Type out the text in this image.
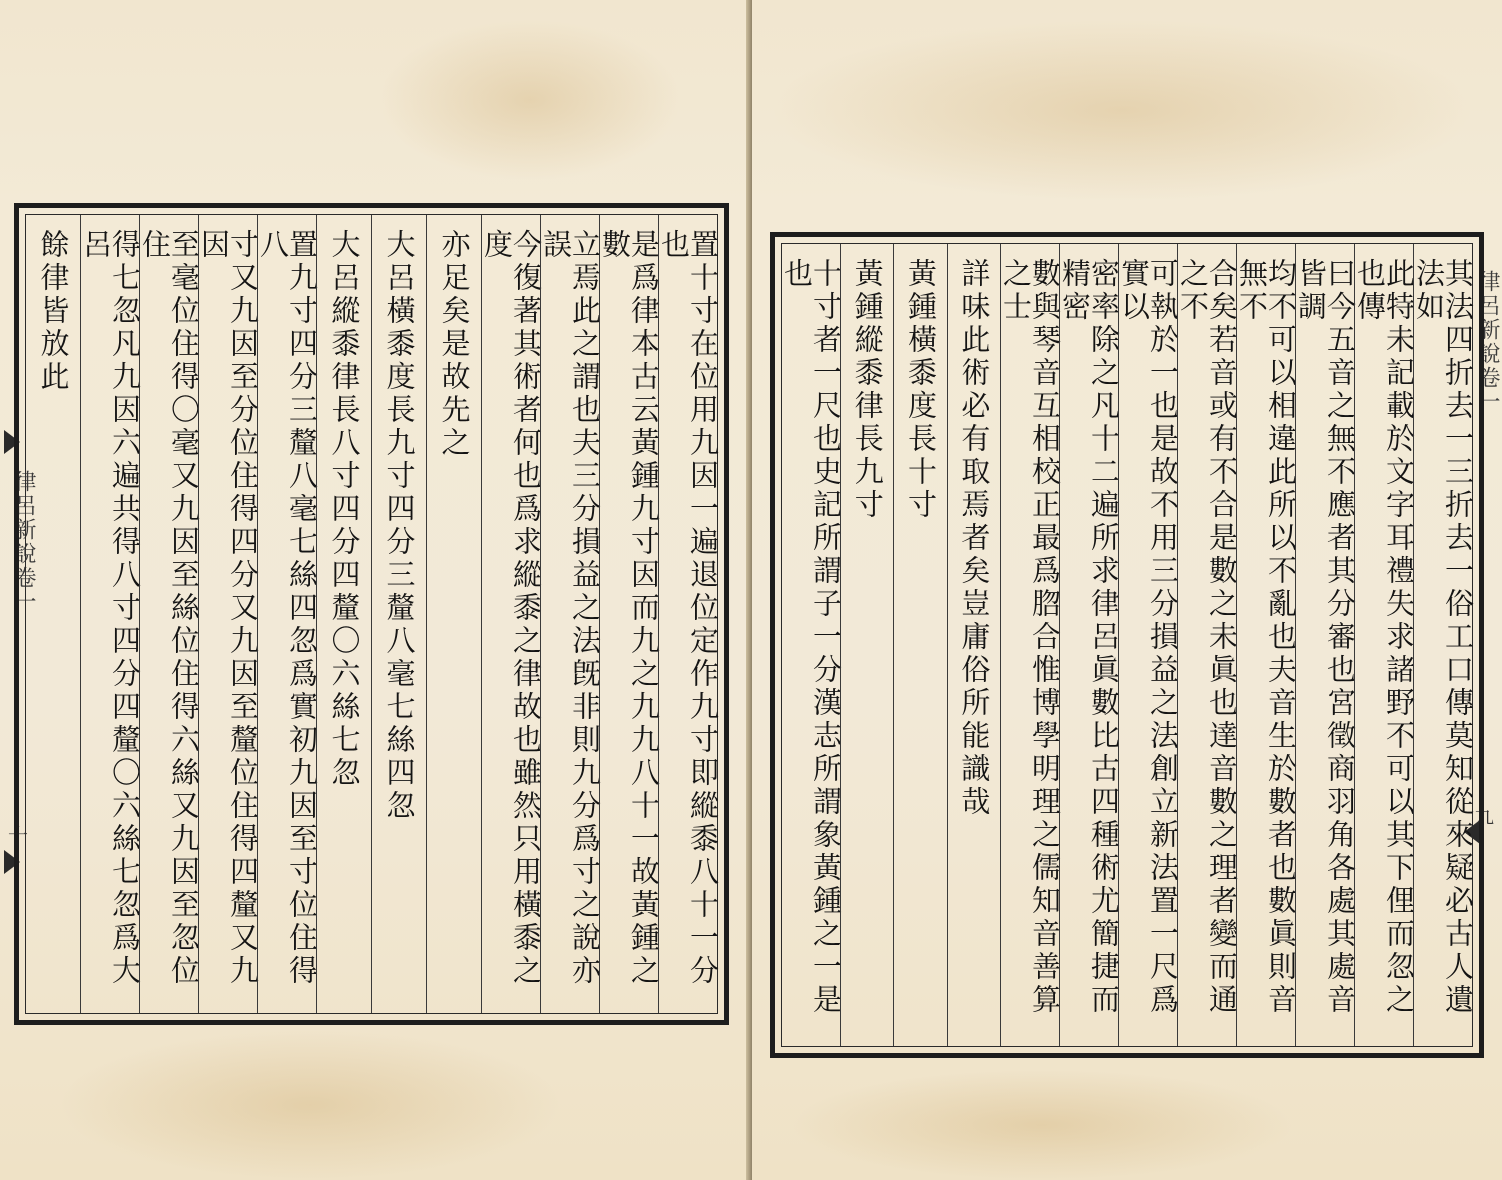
律呂新說卷一
十	置十寸在位用九因一遍退位定作九寸即縱黍八十一分也
是爲律本古云黃鍾九寸因而九之九九八十一故黃鍾之數
立焉此之謂也夫三分損益之法旣非則九分爲寸之說亦誤
今復著其術者何也爲求縱黍之律故也雖然只用橫黍之度
亦足矣是故先之
大呂橫黍度長九寸四分三釐八毫七絲四忽
大呂縱黍律長八寸四分四釐〇六絲七忽
置九寸四分三釐八毫七絲四忽爲實初九因至寸位住得八
寸又九因至分位住得四分又九因至釐位住得四釐又九因
至毫位住得〇毫又九因至絲位住得六絲又九因至忽位住
得七忽凡九因六遍共得八寸四分四釐〇六絲七忽爲大呂
餘律皆放此	律呂新說卷一
九
其法四折去一三折去一俗工口傳莫知從來疑必古人遺法如
此特未記載於文字耳禮失求諸野不可以其下俚而忽之也傳
曰今五音之無不應者其分審也宮徵商羽角各處其處音皆調
均不可以相違此所以不亂也夫音生於數者也數眞則音無不
合矣若音或有不合是數之未眞也達音數之理者變而通之不
可執於一也是故不用三分損益之法創立新法置一尺爲實以
密率除之凡十二遍所求律呂眞數比古四種術尤簡捷而精密
數與琴音互相校正最爲脗合惟博學明理之儒知音善算之士
詳味此術必有取焉者矣豈庸俗所能識哉
黃鍾橫黍度長十寸
黃鍾縱黍律長九寸
十寸者一尺也史記所謂子一分漢志所謂象黃鍾之一是也
